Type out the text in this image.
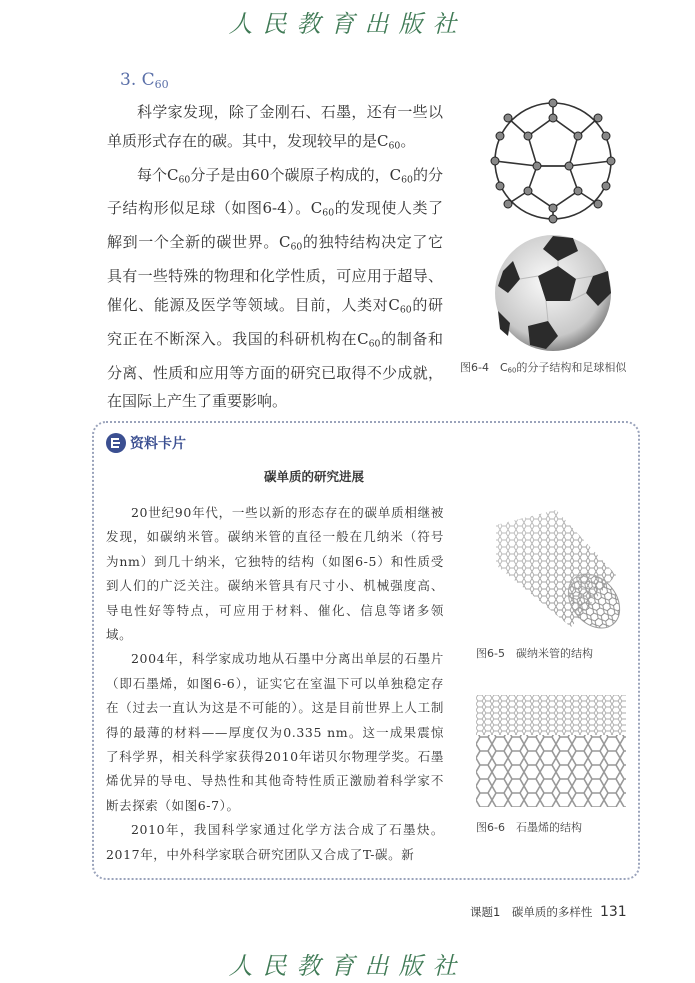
人民教育出版社
3. $C_{60}$

科学家发现，除了金刚石、石墨，还有一些以单质形式存在的碳。其中，发现较早的是$C_{60}$。

每个$C_{60}$分子是由60个碳原子构成的，$C_{60}$的分子结构形似足球（如图6-4）。$C_{60}$的发现使人类了解到一个全新的碳世界。$C_{60}$的独特结构决定了它具有一些特殊的物理和化学性质，可应用于超导、催化、能源及医学等领域。目前，人类对$C_{60}$的研究正在不断深入。我国的科研机构在$C_{60}$的制备和分离、性质和应用等方面的研究已取得不少成就，在国际上产生了重要影响。

图6-4　$C_{60}$的分子结构和足球相似
资料卡片
碳单质的研究进展

20世纪90年代，一些以新的形态存在的碳单质相继被发现，如碳纳米管。碳纳米管的直径一般在几纳米（符号为nm）到几十纳米，它独特的结构（如图6-5）和性质受到人们的广泛关注。碳纳米管具有尺寸小、机械强度高、导电性好等特点，可应用于材料、催化、信息等诸多领域。

2004年，科学家成功地从石墨中分离出单层的石墨片（即石墨烯，如图6-6），证实它在室温下可以单独稳定存在（过去一直认为这是不可能的）。这是目前世界上人工制得的最薄的材料——厚度仅为0.335 nm。这一成果震惊了科学界，相关科学家获得2010年诺贝尔物理学奖。石墨烯优异的导电、导热性和其他奇特性质正激励着科学家不断去探索（如图6-7）。

2010年，我国科学家通过化学方法合成了石墨炔。2017年，中外科学家联合研究团队又合成了T-碳。新

图6-5　碳纳米管的结构
图6-6　石墨烯的结构
课题1　碳单质的多样性 131
人民教育出版社
